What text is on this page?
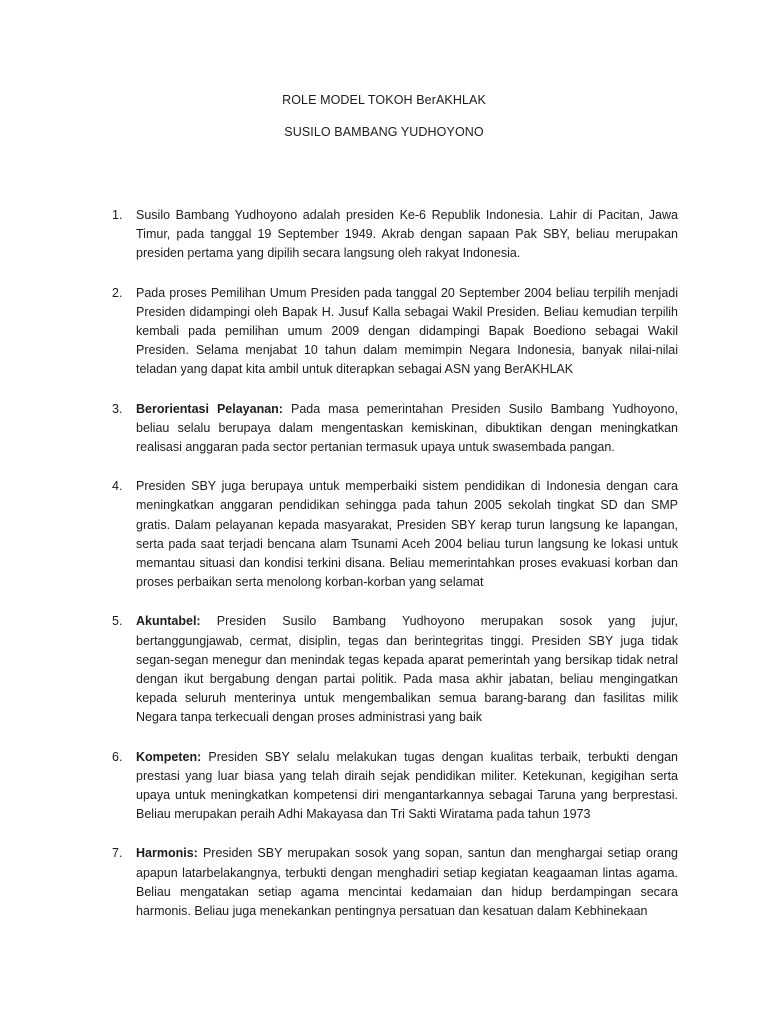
ROLE MODEL TOKOH BerAKHLAK

SUSILO BAMBANG YUDHOYONO

1. Susilo Bambang Yudhoyono adalah presiden Ke-6 Republik Indonesia. Lahir di Pacitan, Jawa Timur, pada tanggal 19 September 1949. Akrab dengan sapaan Pak SBY, beliau merupakan presiden pertama yang dipilih secara langsung oleh rakyat Indonesia.
2. Pada proses Pemilihan Umum Presiden pada tanggal 20 September 2004 beliau terpilih menjadi Presiden didampingi oleh Bapak H. Jusuf Kalla sebagai Wakil Presiden. Beliau kemudian terpilih kembali pada pemilihan umum 2009 dengan didampingi Bapak Boediono sebagai Wakil Presiden. Selama menjabat 10 tahun dalam memimpin Negara Indonesia, banyak nilai-nilai teladan yang dapat kita ambil untuk diterapkan sebagai ASN yang BerAKHLAK
3. Berorientasi Pelayanan: Pada masa pemerintahan Presiden Susilo Bambang Yudhoyono, beliau selalu berupaya dalam mengentaskan kemiskinan, dibuktikan dengan meningkatkan realisasi anggaran pada sector pertanian termasuk upaya untuk swasembada pangan.
4. Presiden SBY juga berupaya untuk memperbaiki sistem pendidikan di Indonesia dengan cara meningkatkan anggaran pendidikan sehingga pada tahun 2005 sekolah tingkat SD dan SMP gratis. Dalam pelayanan kepada masyarakat, Presiden SBY kerap turun langsung ke lapangan, serta pada saat terjadi bencana alam Tsunami Aceh 2004 beliau turun langsung ke lokasi untuk memantau situasi dan kondisi terkini disana. Beliau memerintahkan proses evakuasi korban dan proses perbaikan serta menolong korban-korban yang selamat
5. Akuntabel: Presiden Susilo Bambang Yudhoyono merupakan sosok yang jujur, bertanggungjawab, cermat, disiplin, tegas dan berintegritas tinggi. Presiden SBY juga tidak segan-segan menegur dan menindak tegas kepada aparat pemerintah yang bersikap tidak netral dengan ikut bergabung dengan partai politik. Pada masa akhir jabatan, beliau mengingatkan kepada seluruh menterinya untuk mengembalikan semua barang-barang dan fasilitas milik Negara tanpa terkecuali dengan proses administrasi yang baik
6. Kompeten: Presiden SBY selalu melakukan tugas dengan kualitas terbaik, terbukti dengan prestasi yang luar biasa yang telah diraih sejak pendidikan militer. Ketekunan, kegigihan serta upaya untuk meningkatkan kompetensi diri mengantarkannya sebagai Taruna yang berprestasi. Beliau merupakan peraih Adhi Makayasa dan Tri Sakti Wiratama pada tahun 1973
7. Harmonis: Presiden SBY merupakan sosok yang sopan, santun dan menghargai setiap orang apapun latarbelakangnya, terbukti dengan menghadiri setiap kegiatan keagaaman lintas agama. Beliau mengatakan setiap agama mencintai kedamaian dan hidup berdampingan secara harmonis. Beliau juga menekankan pentingnya persatuan dan kesatuan dalam Kebhinekaan
